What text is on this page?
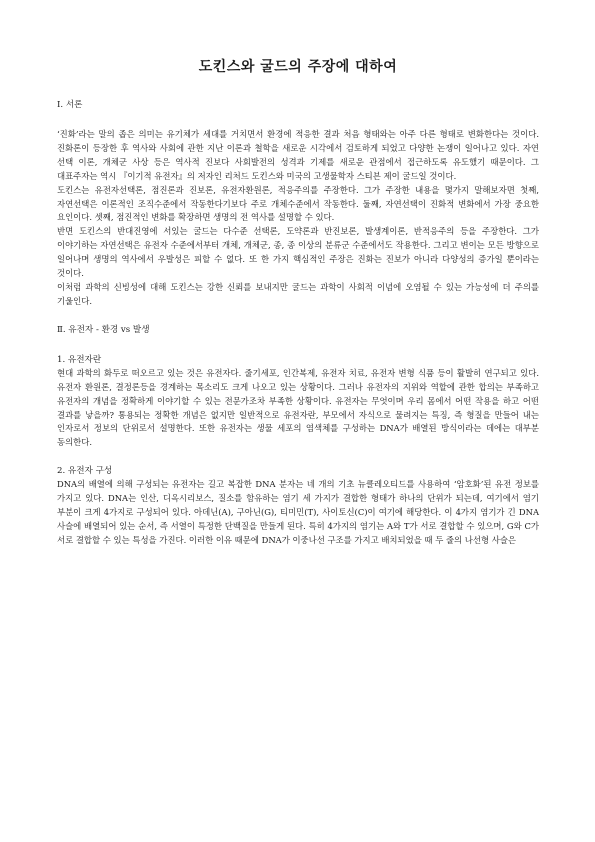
도킨스와 굴드의 주장에 대하여

Ⅰ. 서론

‘진화’라는 말의 좁은 의미는 유기체가 세대를 거치면서 환경에 적응한 결과 처음 형태와는 아주 다른 형태로 변화한다는 것이다. 진화론이 등장한 후 역사와 사회에 관한 지난 이론과 철학을 새로운 시각에서 검토하게 되었고 다양한 논쟁이 일어나고 있다. 자연 선택 이론, 개체군 사상 등은 역사적 진보다 사회발전의 성격과 기제를 새로운 관점에서 접근하도록 유도했기 때문이다. 그 대표주자는 역시 『이기적 유전자』의 저자인 리처드 도킨스와 미국의 고생물학자 스티븐 제이 굴드일 것이다.

도킨스는 유전자선택론, 점진론과 진보론, 유전자환원론, 적응주의를 주장한다. 그가 주장한 내용을 몇가지 말해보자면 첫째, 자연선택은 이론적인 조직수준에서 작동한다기보다 주로 개체수준에서 작동한다. 둘째, 자연선택이 진화적 변화에서 가장 중요한 요인이다. 셋째, 점진적인 변화를 확장하면 생명의 전 역사를 설명할 수 있다.

반면 도킨스의 반대진영에 서있는 굴드는 다수준 선택론, 도약론과 반진보론, 발생계이론, 반적응주의 등을 주장한다. 그가 이야기하는 자연선택은 유전자 수준에서부터 개체, 개체군, 종, 종 이상의 분류군 수준에서도 작용한다. 그리고 변이는 모든 방향으로 일어나며 생명의 역사에서 우발성은 피할 수 없다. 또 한 가지 핵심적인 주장은 진화는 진보가 아니라 다양성의 증가일 뿐이라는 것이다.

이처럼 과학의 신빙성에 대해 도킨스는 강한 신뢰를 보내지만 굴드는 과학이 사회적 이념에 오염될 수 있는 가능성에 더 주의를 기울인다.

Ⅱ. 유전자 - 환경 vs 발생

1. 유전자란

현대 과학의 화두로 떠오르고 있는 것은 유전자다. 줄기세포, 인간복제, 유전자 치료, 유전자 변형 식품 등이 활발히 연구되고 있다. 유전자 환원론, 결정론등을 경계하는 목소리도 크게 나오고 있는 상황이다. 그러나 유전자의 지위와 역할에 관한 합의는 부족하고 유전자의 개념을 정확하게 이야기할 수 있는 전문가조차 부족한 상황이다. 유전자는 무엇이며 우리 몸에서 어떤 작용을 하고 어떤 결과를 낳을까? 통용되는 정확한 개념은 없지만 일반적으로 유전자란, 부모에서 자식으로 물려지는 특징, 즉 형질을 만들어 내는 인자로서 정보의 단위로서 설명한다. 또한 유전자는 생물 세포의 염색체를 구성하는 DNA가 배열된 방식이라는 데에는 대부분 동의한다.

2. 유전자 구성

DNA의 배열에 의해 구성되는 유전자는 길고 복잡한 DNA 분자는 네 개의 기초 뉴클레오티드를 사용하여 ‘암호화’된 유전 정보를 가지고 있다. DNA는 인산, 디옥시리보스, 질소를 함유하는 염기 세 가지가 결합한 형태가 하나의 단위가 되는데, 여기에서 염기 부분이 크게 4가지로 구성되어 있다. 아데닌(A), 구아닌(G), 티미민(T), 사이토신(C)이 여기에 해당한다. 이 4가지 염기가 긴 DNA 사슬에 배열되어 있는 순서, 즉 서열이 특정한 단백질을 만들게 된다. 특히 4가지의 염기는 A와 T가 서로 결합할 수 있으며, G와 C가 서로 결합할 수 있는 특성을 가진다. 이러한 이유 때문에 DNA가 이중나선 구조를 가지고 배치되었을 때 두 줄의 나선형 사슬은
